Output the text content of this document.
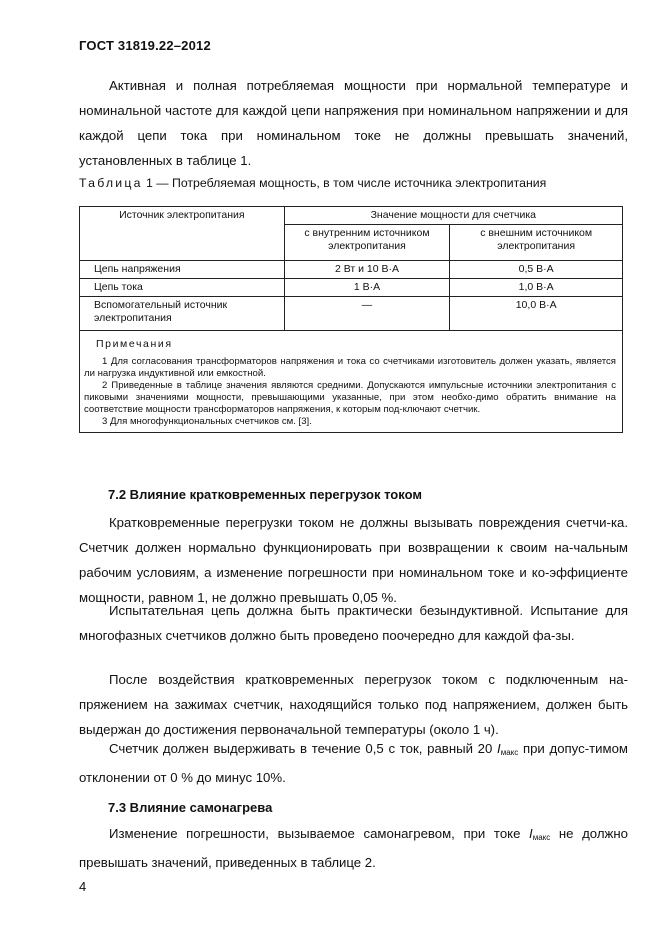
ГОСТ 31819.22–2012
Активная и полная потребляемая мощности при нормальной температуре и номинальной частоте для каждой цепи напряжения при номинальном напряжении и для каждой цепи тока при номинальном токе не должны превышать значений, установленных в таблице 1.
Таблица 1 — Потребляемая мощность, в том числе источника электропитания
Источник электропитания	Значение мощности для счетчика	
	с внутренним источником электропитания	с внешним источником электропитания
Цепь напряжения	2 Вт и 10 В·А	0,5 В·А
Цепь тока	1 В·А	1,0 В·А
Вспомогательный источник электропитания	—	10,0 В·А

Примечания
1 Для согласования трансформаторов напряжения и тока со счетчиками изготовитель должен указать, является ли нагрузка индуктивной или емкостной.
2 Приведенные в таблице значения являются средними. Допускаются импульсные источники электропитания с пиковыми значениями мощности, превышающими указанные, при этом необхо-димо обратить внимание на соответствие мощности трансформаторов напряжения, к которым под-ключают счетчик.
3 Для многофункциональных счетчиков см. [3].		
7.2 Влияние кратковременных перегрузок током
Кратковременные перегрузки током не должны вызывать повреждения счетчи-ка. Счетчик должен нормально функционировать при возвращении к своим на-чальным рабочим условиям, а изменение погрешности при номинальном токе и ко-эффициенте мощности, равном 1, не должно превышать 0,05 %.
Испытательная цепь должна быть практически безындуктивной. Испытание для многофазных счетчиков должно быть проведено поочередно для каждой фа-зы.
После воздействия кратковременных перегрузок током с подключенным на-пряжением на зажимах счетчик, находящийся только под напряжением, должен быть выдержан до достижения первоначальной температуры (около 1 ч).
Счетчик должен выдерживать в течение 0,5 с ток, равный 20 $I_{макс}$ при допус-тимом отклонении от 0 % до минус 10%.
7.3 Влияние самонагрева
Изменение погрешности, вызываемое самонагревом, при токе $I_{макс}$ не должно превышать значений, приведенных в таблице 2.
4
